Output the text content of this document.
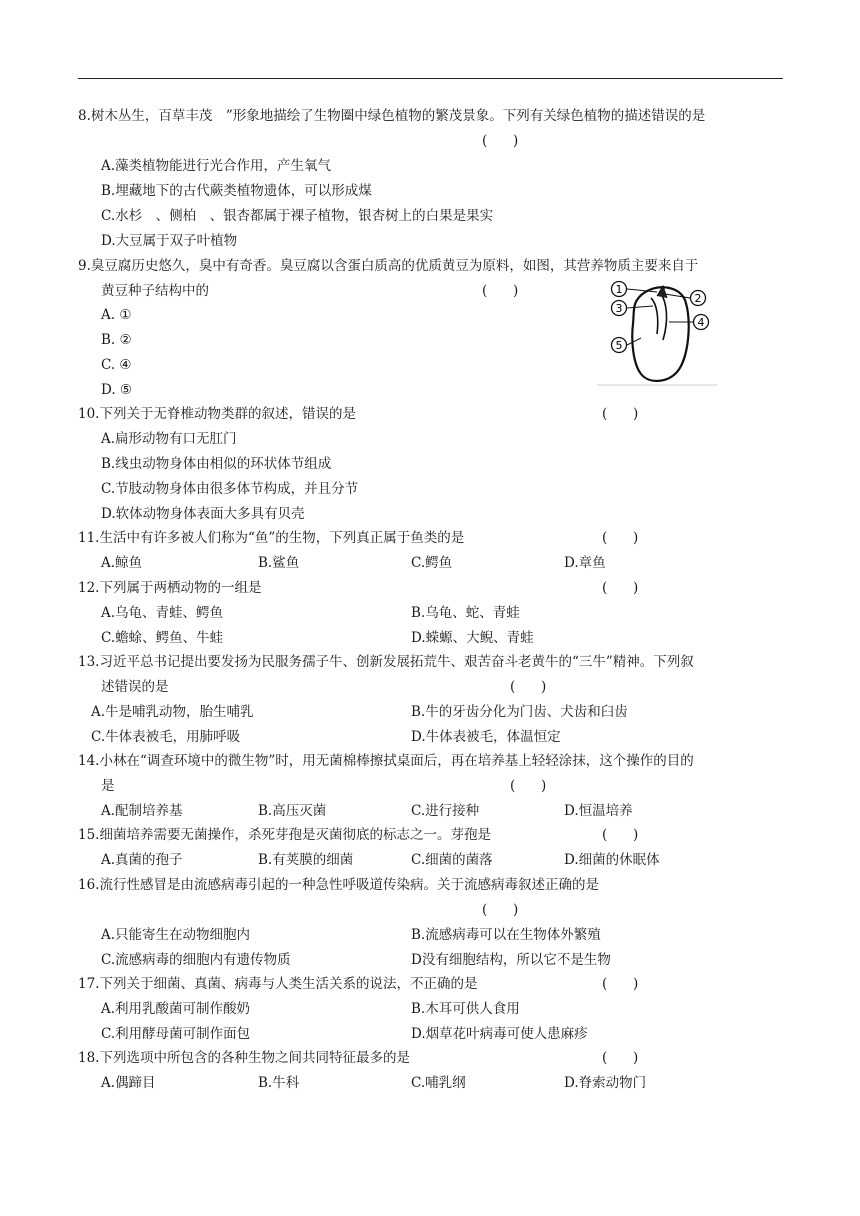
8.树木丛生，百草丰茂　”形象地描绘了生物圈中绿色植物的繁茂景象。下列有关绿色植物的描述错误的是
(      )
A.藻类植物能进行光合作用，产生氧气
B.埋藏地下的古代蕨类植物遗体，可以形成煤
C.水杉　、侧柏　、银杏都属于裸子植物，银杏树上的白果是果实
D.大豆属于双子叶植物
9.臭豆腐历史悠久，臭中有奇香。臭豆腐以含蛋白质高的优质黄豆为原料，如图，其营养物质主要来自于
黄豆种子结构中的	(      )
A. ①
B. ②
C. ④
D. ⑤
1
3
2
4
5
10.下列关于无脊椎动物类群的叙述，错误的是	(      )
A.扁形动物有口无肛门
B.线虫动物身体由相似的环状体节组成
C.节肢动物身体由很多体节构成，并且分节
D.软体动物身体表面大多具有贝壳
11.生活中有许多被人们称为“鱼”的生物，下列真正属于鱼类的是	(      )
A.鲸鱼	B.鲨鱼	C.鳄鱼	D.章鱼
12.下列属于两栖动物的一组是	(      )
A.乌龟、青蛙、鳄鱼	B.乌龟、蛇、青蛙
C.蟾蜍、鳄鱼、牛蛙	D.蝾螈、大鲵、青蛙
13.习近平总书记提出要发扬为民服务孺子牛、创新发展拓荒牛、艰苦奋斗老黄牛的“三牛”精神。下列叙
述错误的是	(      )
A.牛是哺乳动物，胎生哺乳	B.牛的牙齿分化为门齿、犬齿和臼齿
C.牛体表被毛，用肺呼吸	D.牛体表被毛，体温恒定
14.小林在“调查环境中的微生物”时，用无菌棉棒擦拭桌面后，再在培养基上轻轻涂抹，这个操作的目的
是	(      )
A.配制培养基	B.高压灭菌	C.进行接种	D.恒温培养
15.细菌培养需要无菌操作，杀死芽孢是灭菌彻底的标志之一。芽孢是	(      )
A.真菌的孢子	B.有荚膜的细菌	C.细菌的菌落	D.细菌的休眠体
16.流行性感冒是由流感病毒引起的一种急性呼吸道传染病。关于流感病毒叙述正确的是
(      )
A.只能寄生在动物细胞内	B.流感病毒可以在生物体外繁殖
C.流感病毒的细胞内有遗传物质	D没有细胞结构，所以它不是生物
17.下列关于细菌、真菌、病毒与人类生活关系的说法，不正确的是	(      )
A.利用乳酸菌可制作酸奶	B.木耳可供人食用
C.利用酵母菌可制作面包	D.烟草花叶病毒可使人患麻疹
18.下列选项中所包含的各种生物之间共同特征最多的是	(      )
A.偶蹄目	B.牛科	C.哺乳纲	D.脊索动物门
